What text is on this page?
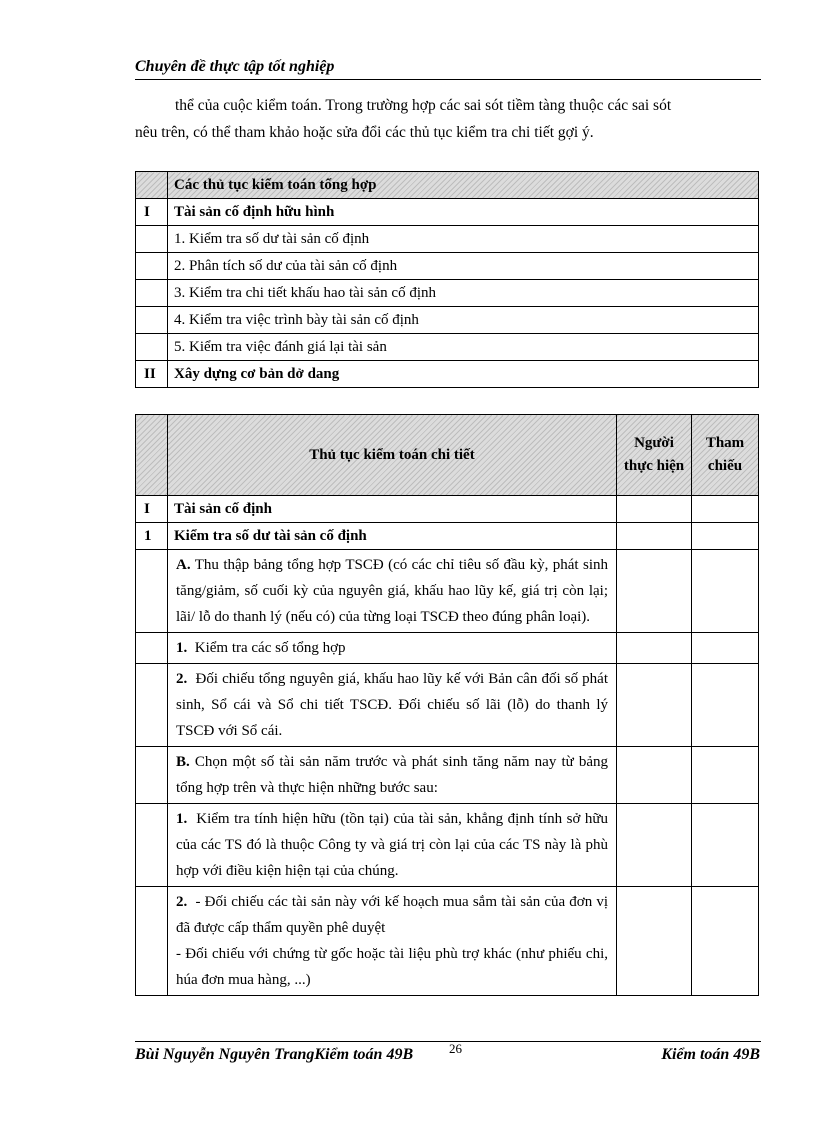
Chuyên đề thực tập tốt nghiệp
thể của cuộc kiểm toán. Trong trường hợp các sai sót tiềm tàng thuộc các sai sót
nêu trên, có thể tham khảo hoặc sửa đổi các thủ tục kiểm tra chi tiết gợi ý.
	Các thủ tục kiểm toán tổng hợp
I	Tài sản cố định hữu hình
	1. Kiểm tra số dư tài sản cố định
	2. Phân tích số dư của tài sản cố định
	3. Kiểm tra chi tiết khấu hao tài sản cố định
	4. Kiểm tra việc trình bày tài sản cố định
	5. Kiểm tra việc đánh giá lại tài sản
II	Xây dựng cơ bản dở dang
	Thủ tục kiểm toán chi tiết	Người thực hiện	Tham chiếu
I	Tài sản cố định		
1	Kiểm tra số dư tài sản cố định		
	A. Thu thập bảng tổng hợp TSCĐ (có các chỉ tiêu số đầu kỳ, phát sinh tăng/giảm, số cuối kỳ của nguyên giá, khấu hao lũy kế, giá trị còn lại; lãi/ lỗ do thanh lý (nếu có) của từng loại TSCĐ theo đúng phân loại).		
	1. Kiểm tra các số tổng hợp		
	2. Đối chiếu tổng nguyên giá, khấu hao lũy kế với Bản cân đối số phát sinh, Sổ cái và Sổ chi tiết TSCĐ. Đối chiếu số lãi (lỗ) do thanh lý TSCĐ với Sổ cái.		
	B. Chọn một số tài sản năm trước và phát sinh tăng năm nay từ bảng tổng hợp trên và thực hiện những bước sau:		
	1. Kiểm tra tính hiện hữu (tồn tại) của tài sản, khẳng định tính sở hữu của các TS đó là thuộc Công ty và giá trị còn lại của các TS này là phù hợp với điều kiện hiện tại của chúng.		

	2. - Đối chiếu các tài sản này với kế hoạch mua sắm tài sản của đơn vị đã được cấp thẩm quyền phê duyệt
- Đối chiếu với chứng từ gốc hoặc tài liệu phù trợ khác (như phiếu chi, húa đơn mua hàng, ...)		

Bùi Nguyễn Nguyên TrangKiểm toán 49B	26	Kiểm toán 49B
